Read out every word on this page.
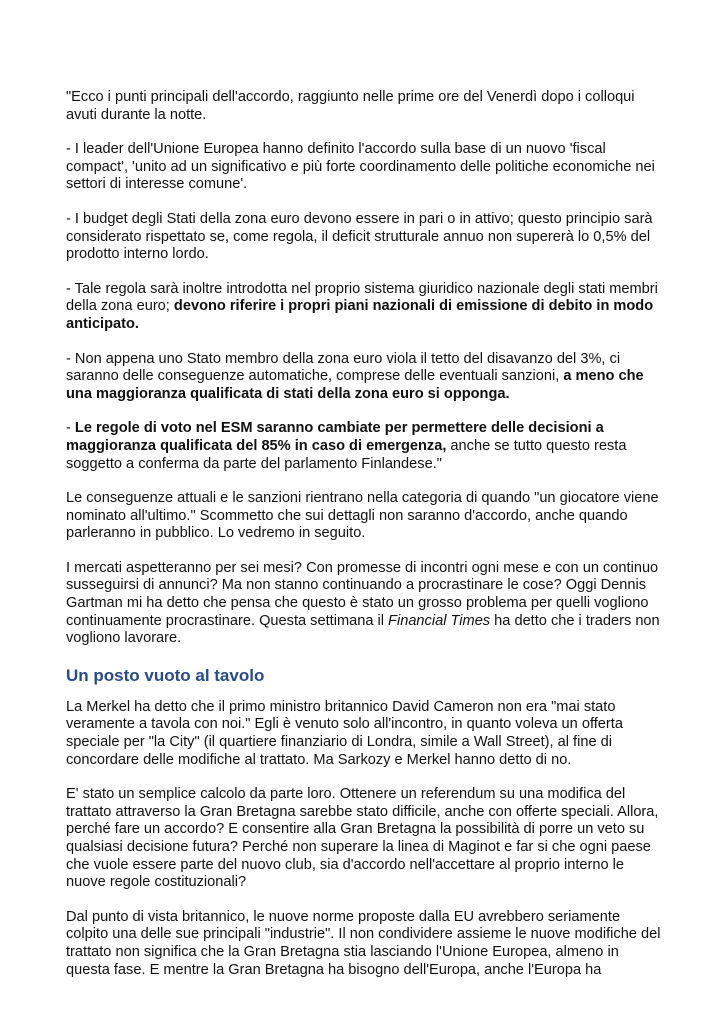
"Ecco i punti principali dell'accordo, raggiunto nelle prime ore del Venerdì dopo i colloqui avuti durante la notte.

- I leader dell'Unione Europea hanno definito l'accordo sulla base di un nuovo 'fiscal compact', 'unito ad un significativo e più forte coordinamento delle politiche economiche nei settori di interesse comune'.

- I budget degli Stati della zona euro devono essere in pari o in attivo; questo principio sarà considerato rispettato se, come regola, il deficit strutturale annuo non supererà lo 0,5% del prodotto interno lordo.

- Tale regola sarà inoltre introdotta nel proprio sistema giuridico nazionale degli stati membri della zona euro; devono riferire i propri piani nazionali di emissione di debito in modo anticipato.

- Non appena uno Stato membro della zona euro viola il tetto del disavanzo del 3%, ci saranno delle conseguenze automatiche, comprese delle eventuali sanzioni, a meno che una maggioranza qualificata di stati della zona euro si opponga.

- Le regole di voto nel ESM saranno cambiate per permettere delle decisioni a maggioranza qualificata del 85% in caso di emergenza, anche se tutto questo resta soggetto a conferma da parte del parlamento Finlandese."

Le conseguenze attuali e le sanzioni rientrano nella categoria di quando "un giocatore viene nominato all'ultimo." Scommetto che sui dettagli non saranno d'accordo, anche quando parleranno in pubblico. Lo vedremo in seguito.

I mercati aspetteranno per sei mesi? Con promesse di incontri ogni mese e con un continuo susseguirsi di annunci? Ma non stanno continuando a procrastinare le cose? Oggi Dennis Gartman mi ha detto che pensa che questo è stato un grosso problema per quelli vogliono continuamente procrastinare. Questa settimana il Financial Times ha detto che i traders non vogliono lavorare.

Un posto vuoto al tavolo

La Merkel ha detto che il primo ministro britannico David Cameron non era "mai stato veramente a tavola con noi." Egli è venuto solo all'incontro, in quanto voleva un offerta speciale per "la City" (il quartiere finanziario di Londra, simile a Wall Street), al fine di concordare delle modifiche al trattato. Ma Sarkozy e Merkel hanno detto di no.

E' stato un semplice calcolo da parte loro. Ottenere un referendum su una modifica del trattato attraverso la Gran Bretagna sarebbe stato difficile, anche con offerte speciali. Allora, perché fare un accordo? E consentire alla Gran Bretagna la possibilità di porre un veto su qualsiasi decisione futura? Perché non superare la linea di Maginot e far si che ogni paese che vuole essere parte del nuovo club, sia d'accordo nell'accettare al proprio interno le nuove regole costituzionali?

Dal punto di vista britannico, le nuove norme proposte dalla EU avrebbero seriamente colpito una delle sue principali "industrie". Il non condividere assieme le nuove modifiche del trattato non significa che la Gran Bretagna stia lasciando l'Unione Europea, almeno in questa fase. E mentre la Gran Bretagna ha bisogno dell'Europa, anche l'Europa ha
